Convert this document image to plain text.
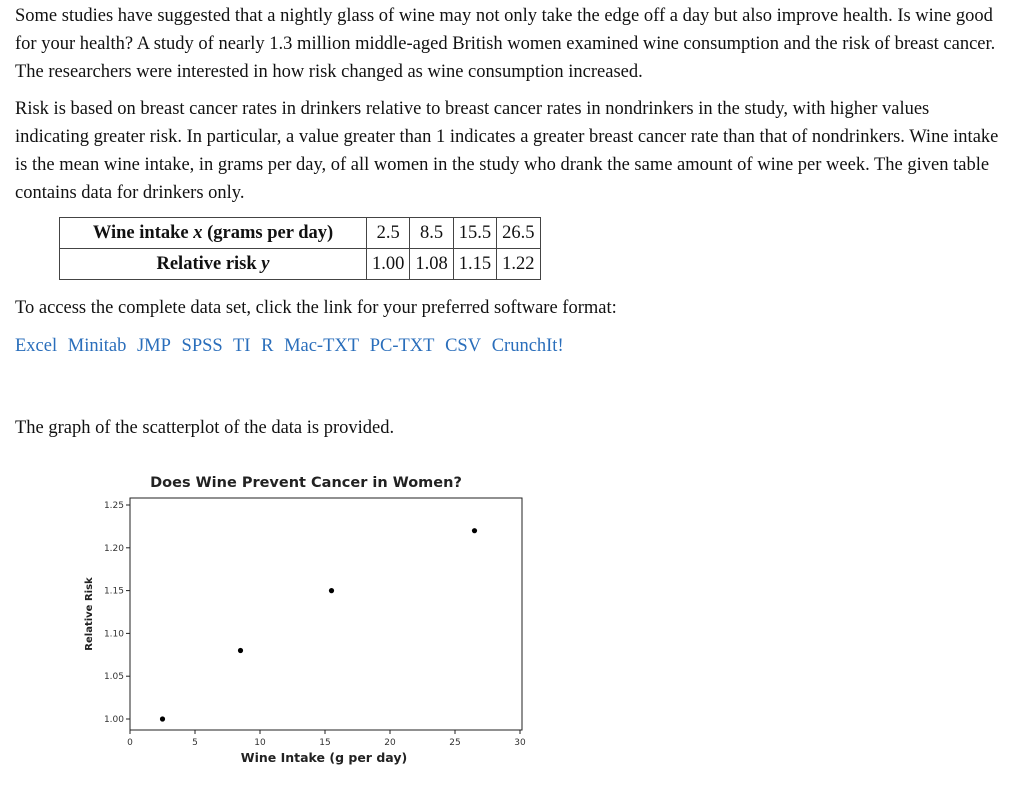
Some studies have suggested that a nightly glass of wine may not only take the edge off a day but also improve health. Is wine good for your health? A study of nearly 1.3 million middle-aged British women examined wine consumption and the risk of breast cancer. The researchers were interested in how risk changed as wine consumption increased.

Risk is based on breast cancer rates in drinkers relative to breast cancer rates in nondrinkers in the study, with higher values indicating greater risk. In particular, a value greater than 1 indicates a greater breast cancer rate than that of nondrinkers. Wine intake is the mean wine intake, in grams per day, of all women in the study who drank the same amount of wine per week. The given table contains data for drinkers only.

Wine intake x (grams per day)	2.5	8.5	15.5	26.5
Relative risk y	1.00	1.08	1.15	1.22

To access the complete data set, click the link for your preferred software format:

Excel Minitab JMP SPSS TI R Mac-TXT PC-TXT CSV CrunchIt!

The graph of the scatterplot of the data is provided.

Does Wine Prevent Cancer in Women?
0	5	10	15	20	25	30
1.00
1.05
1.10
1.15
1.20
1.25
Wine Intake (g per day)
Relative Risk
